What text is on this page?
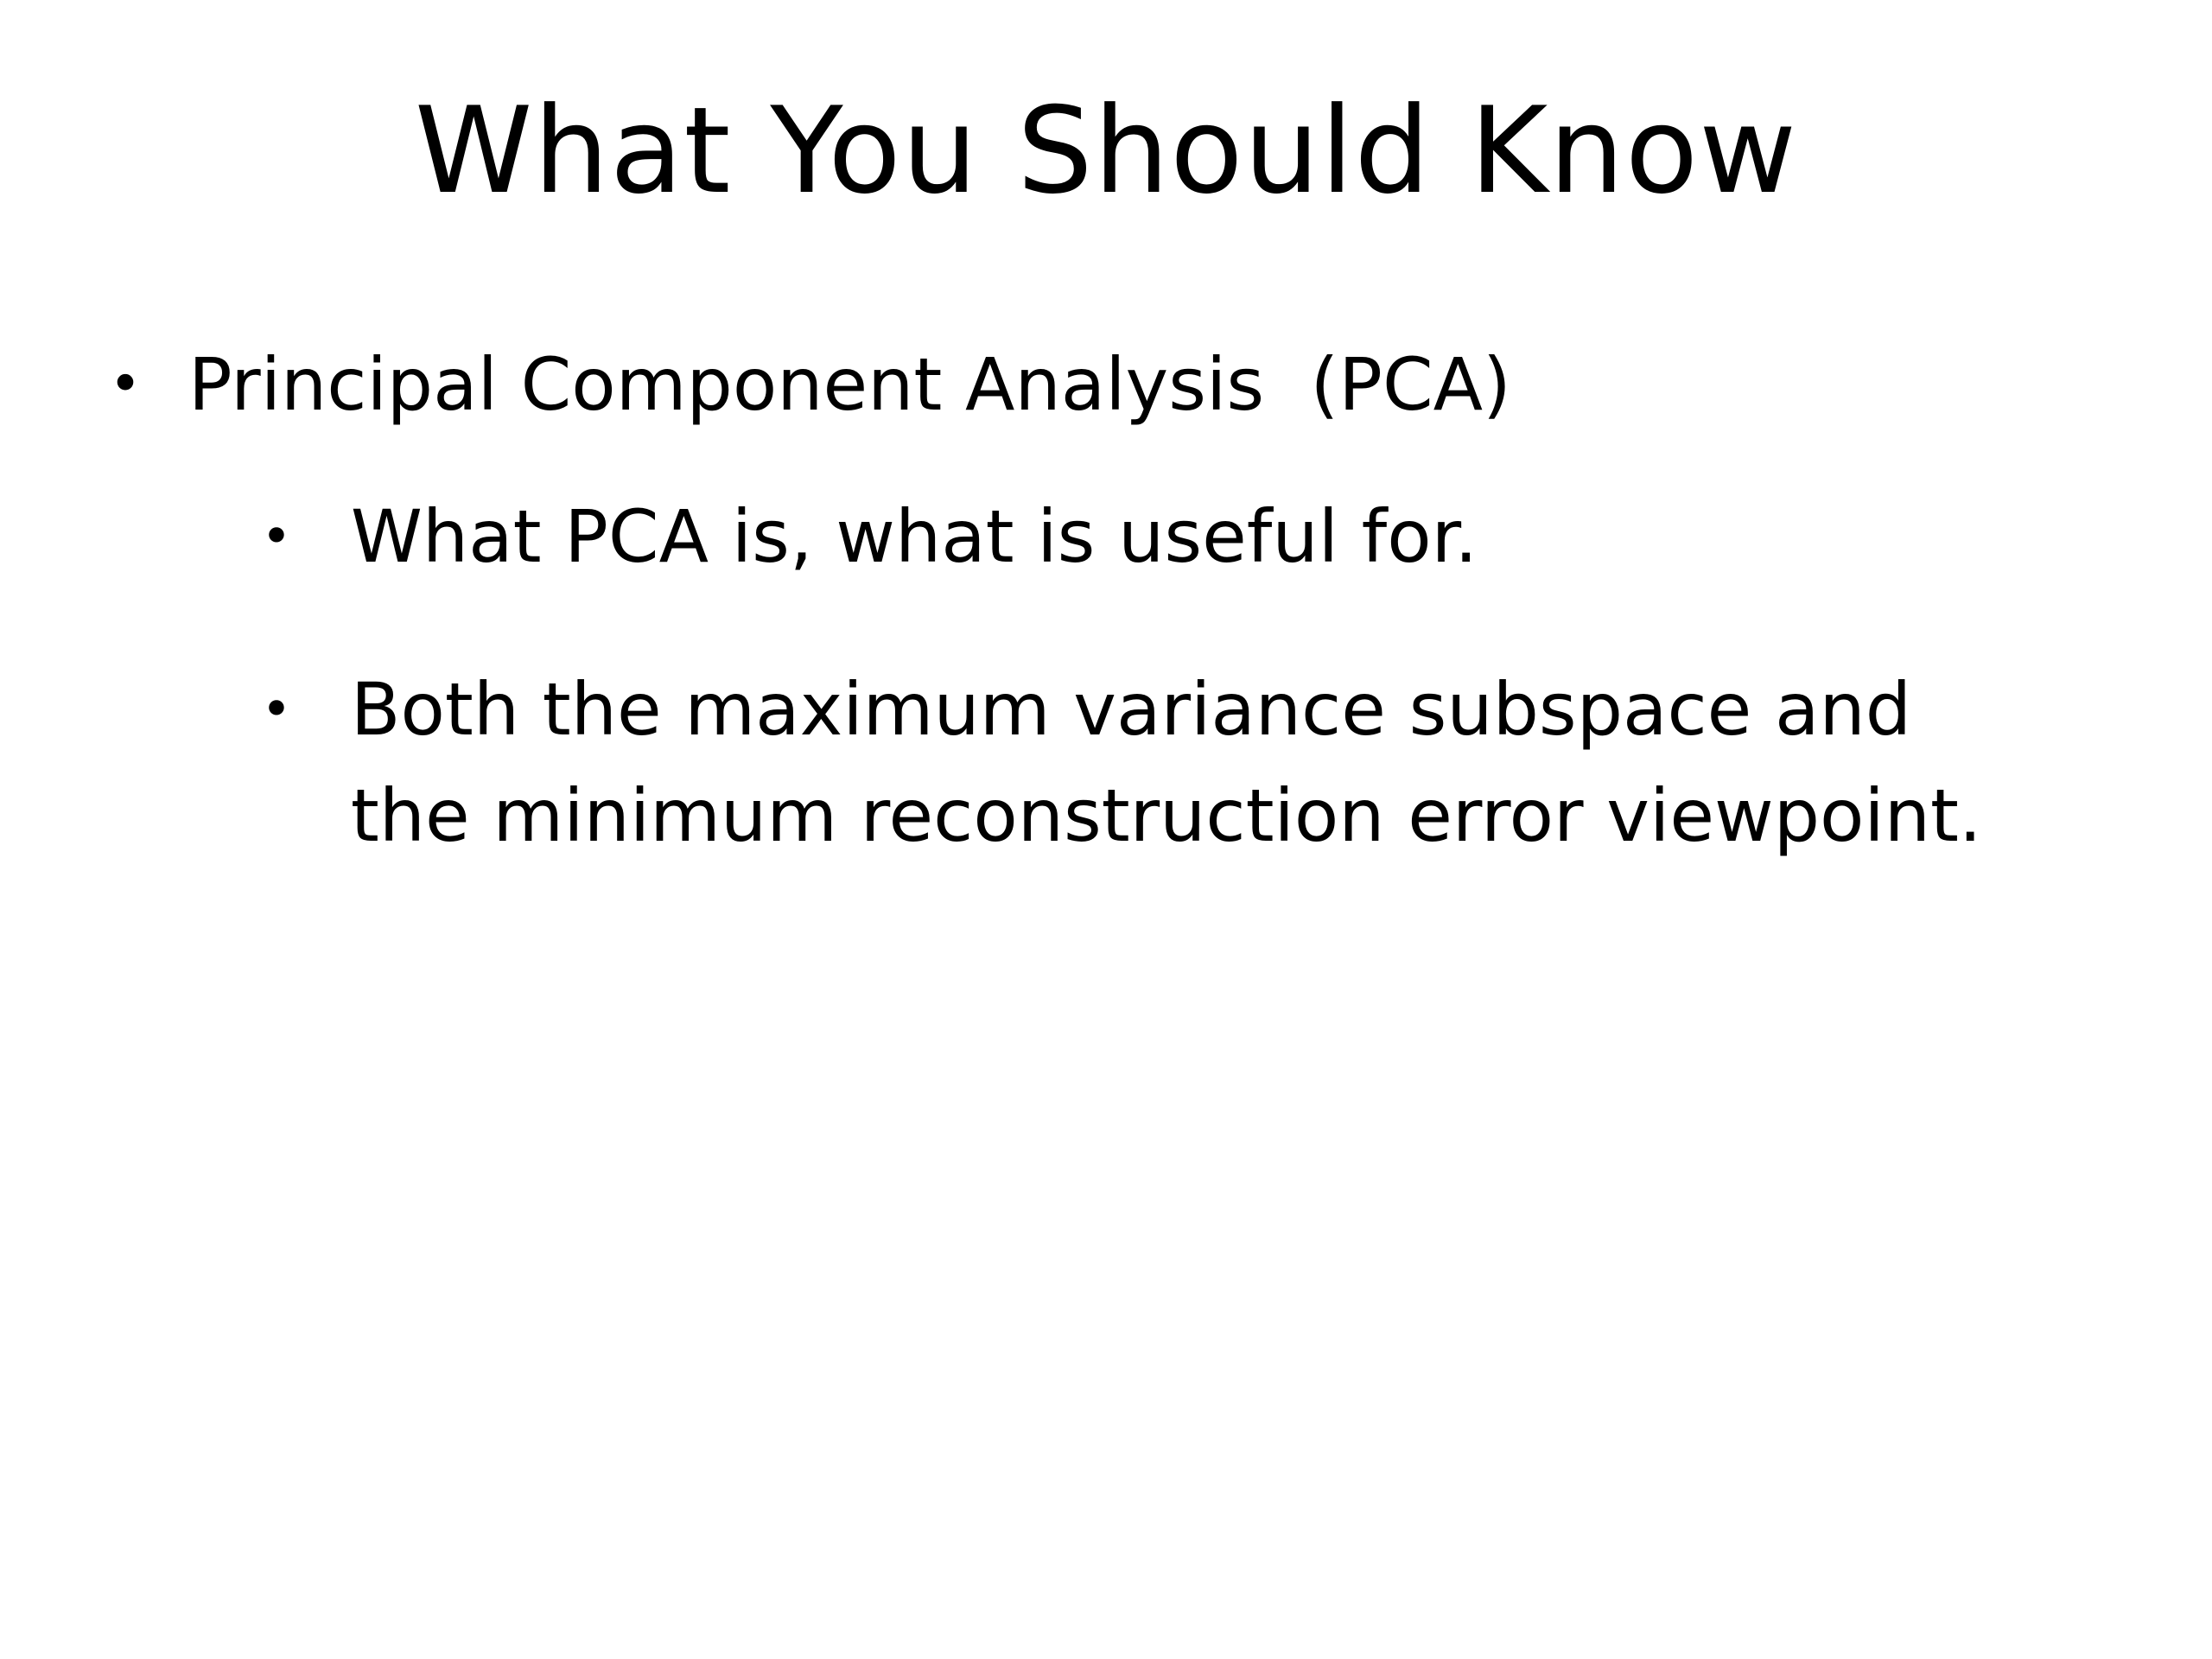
What You Should Know
• Principal Component Analysis  (PCA)
• What PCA is, what is useful for.
• Both the maximum variance subspace and the minimum reconstruction error viewpoint.
